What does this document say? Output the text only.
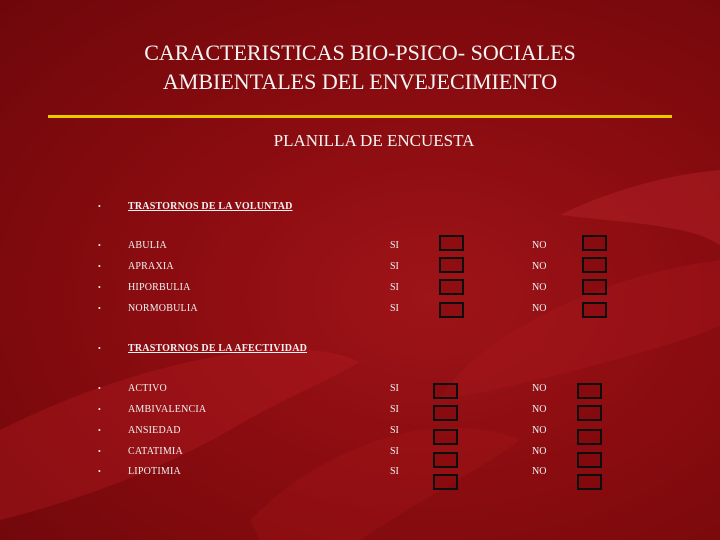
CARACTERISTICAS BIO-PSICO- SOCIALES
AMBIENTALES DEL ENVEJECIMIENTO
PLANILLA DE ENCUESTA
•	TRASTORNOS DE LA VOLUNTAD
•	ABULIA	SI	NO
•	APRAXIA	SI	NO
•	HIPORBULIA	SI	NO
•	NORMOBULIA	SI	NO
•	TRASTORNOS DE LA AFECTIVIDAD
•	ACTIVO	SI	NO
•	AMBIVALENCIA	SI	NO
•	ANSIEDAD	SI	NO
•	CATATIMIA	SI	NO
•	LIPOTIMIA	SI	NO
